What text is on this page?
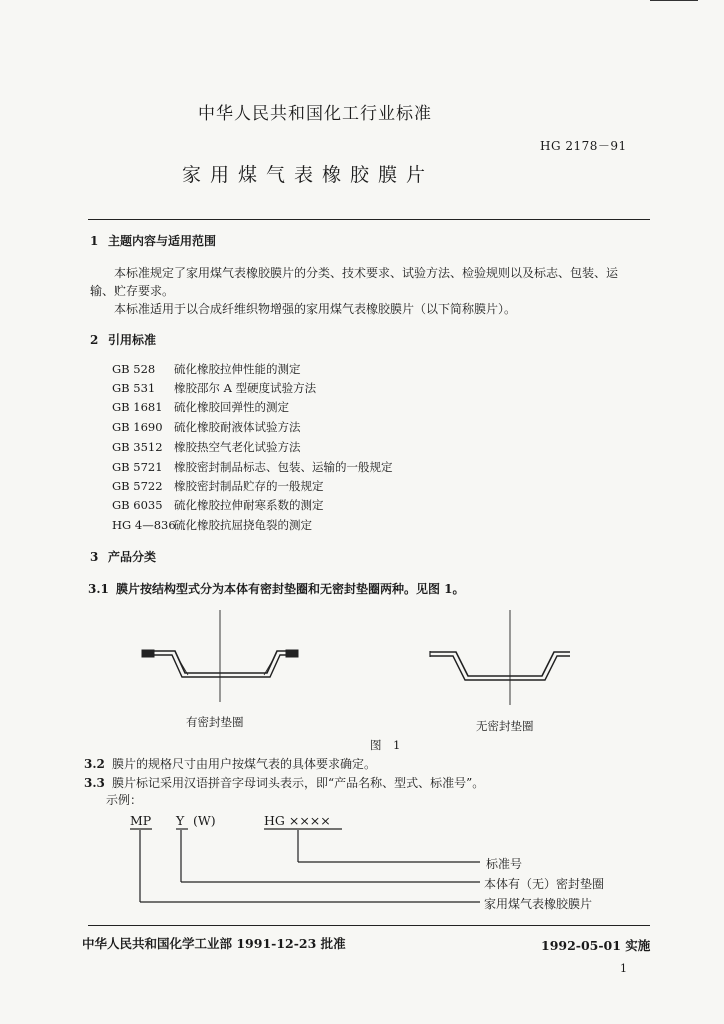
中华人民共和国化工行业标准
HG 2178－91
家用煤气表橡胶膜片
1 主题内容与适用范围
本标准规定了家用煤气表橡胶膜片的分类、技术要求、试验方法、检验规则以及标志、包装、运
输、贮存要求。
本标准适用于以合成纤维织物增强的家用煤气表橡胶膜片（以下简称膜片）。
2 引用标准
GB 528 硫化橡胶拉伸性能的测定
GB 531 橡胶邵尔 A 型硬度试验方法
GB 1681 硫化橡胶回弹性的测定
GB 1690 硫化橡胶耐液体试验方法
GB 3512 橡胶热空气老化试验方法
GB 5721 橡胶密封制品标志、包装、运输的一般规定
GB 5722 橡胶密封制品贮存的一般规定
GB 6035 硫化橡胶拉伸耐寒系数的测定
HG 4—836硫化橡胶抗屈挠龟裂的测定
3 产品分类
3.1 膜片按结构型式分为本体有密封垫圈和无密封垫圈两种。见图 1。
有密封垫圈	无密封垫圈
图　1
3.2 膜片的规格尺寸由用户按煤气表的具体要求确定。
3.3 膜片标记采用汉语拼音字母词头表示，即“产品名称、型式、标准号”。
示例：
MP Y (W)	HG ××××
标准号
本体有（无）密封垫圈
家用煤气表橡胶膜片
中华人民共和国化学工业部 1991-12-23 批准	1992-05-01 实施
1
